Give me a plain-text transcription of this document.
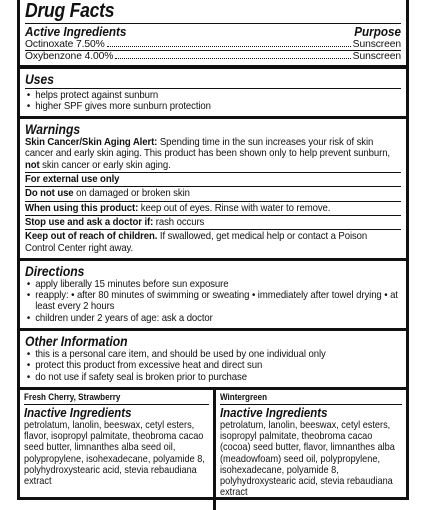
Drug Facts
Active Ingredients	Purpose
Octinoxate 7.50%	Sunscreen
Oxybenzone 4.00%	Sunscreen
Uses
• helps protect against sunburn
• higher SPF gives more sunburn protection
Warnings
Skin Cancer/Skin Aging Alert: Spending time in the sun increases your risk of skin cancer and early skin aging. This product has been shown only to help prevent sunburn, not skin cancer or early skin aging.
For external use only
Do not use on damaged or broken skin
When using this product: keep out of eyes. Rinse with water to remove.
Stop use and ask a doctor if: rash occurs
Keep out of reach of children. If swallowed, get medical help or contact a Poison Control Center right away.
Directions
• apply liberally 15 minutes before sun exposure
• reapply: • after 80 minutes of swimming or sweating • immediately after towel drying • at least every 2 hours
• children under 2 years of age: ask a doctor
Other Information
• this is a personal care item, and should be used by one individual only
• protect this product from excessive heat and direct sun
• do not use if safety seal is broken prior to purchase
Fresh Cherry, Strawberry
Inactive Ingredients
petrolatum, lanolin, beeswax, cetyl esters, flavor, isopropyl palmitate, theobroma cacao seed butter, limnanthes alba seed oil, polypropylene, isohexadecane, polyamide 8, polyhydroxystearic acid, stevia rebaudiana extract
Wintergreen
Inactive Ingredients
petrolatum, lanolin, beeswax, cetyl esters, isopropyl palmitate, theobroma cacao (cocoa) seed butter, flavor, limnanthes alba (meadowfoam) seed oil, polypropylene, isohexadecane, polyamide 8, polyhydroxystearic acid, stevia rebaudiana extract
